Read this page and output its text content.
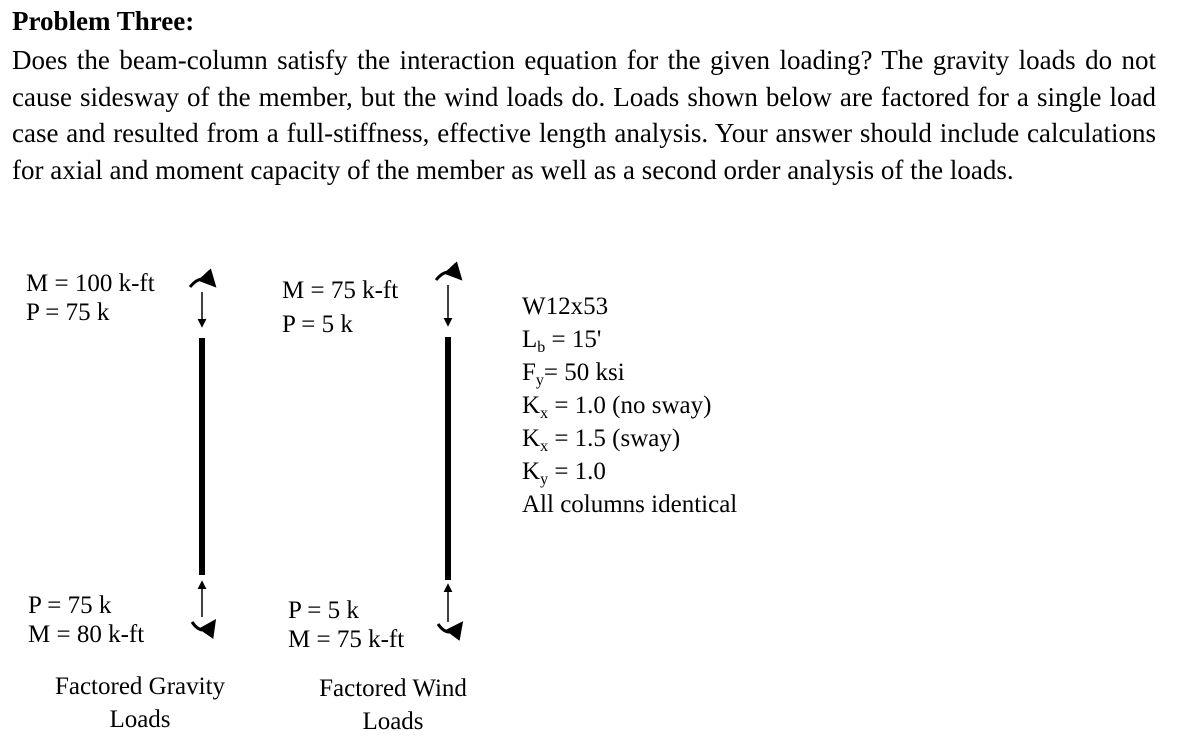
Problem Three:

Does the beam-column satisfy the interaction equation for the given loading? The gravity loads do not cause sidesway of the member, but the wind loads do. Loads shown below are factored for a single load case and resulted from a full-stiffness, effective length analysis. Your answer should include calculations for axial and moment capacity of the member as well as a second order analysis of the loads.

M = 100 k-ft
P = 75 k
P = 75 k
M = 80 k-ft
Factored Gravity
Loads
M = 75 k-ft
P = 5 k
P = 5 k
M = 75 k-ft
Factored Wind
Loads
W12x53
$L_b = 15'$
$F_y= 50$ ksi
$K_x = 1.0$ (no sway)
$K_x = 1.5$ (sway)
$K_y = 1.0$
All columns identical
